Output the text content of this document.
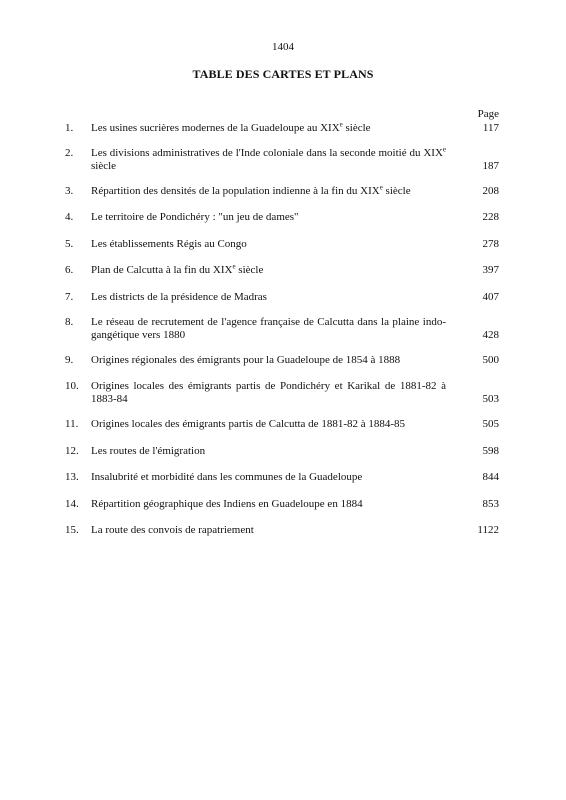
1404
TABLE DES CARTES ET PLANS
Page
1.	Les usines sucrières modernes de la Guadeloupe au XIXe siècle	117
2.	Les divisions administratives de l'Inde coloniale dans la seconde moitié du XIXe siècle	187
3.	Répartition des densités de la population indienne à la fin du XIXe siècle	208
4.	Le territoire de Pondichéry : "un jeu de dames"	228
5.	Les établissements Régis au Congo	278
6.	Plan de Calcutta à la fin du XIXe siècle	397
7.	Les districts de la présidence de Madras	407
8.	Le réseau de recrutement de l'agence française de Calcutta dans la plaine indo-gangétique vers 1880	428
9.	Origines régionales des émigrants pour la Guadeloupe de 1854 à 1888	500
10.	Origines locales des émigrants partis de Pondichéry et Karikal de 1881-82 à 1883-84	503
11.	Origines locales des émigrants partis de Calcutta de 1881-82 à 1884-85	505
12.	Les routes de l'émigration	598
13.	Insalubrité et morbidité dans les communes de la Guadeloupe	844
14.	Répartition géographique des Indiens en Guadeloupe en 1884	853
15.	La route des convois de rapatriement	1122
